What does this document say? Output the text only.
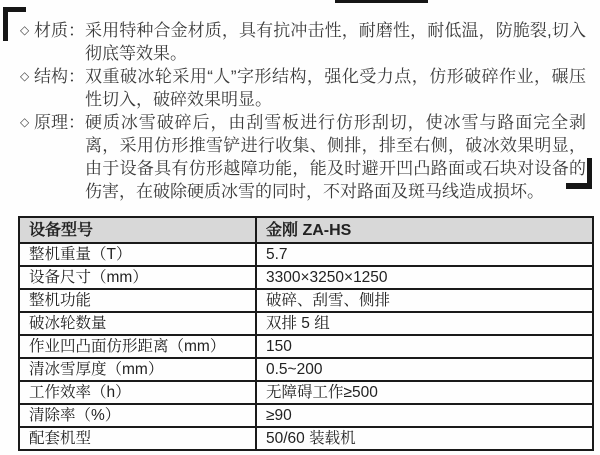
◇ 材质： 采用特种合金材质，具有抗冲击性，耐磨性，耐低温，防脆裂,切入彻底等效果。

◇ 结构： 双重破冰轮采用“人”字形结构，强化受力点，仿形破碎作业，碾压性切入，破碎效果明显。

◇ 原理： 硬质冰雪破碎后，由刮雪板进行仿形刮切，使冰雪与路面完全剥离，采用仿形推雪铲进行收集、侧排，排至右侧，破冰效果明显，由于设备具有仿形越障功能，能及时避开凹凸路面或石块对设备的伤害，在破除硬质冰雪的同时，不对路面及斑马线造成损坏。

设备型号	金刚 ZA-HS
整机重量（T）	5.7
设备尺寸（mm）	3300×3250×1250
整机功能	破碎、刮雪、侧排
破冰轮数量	双排 5 组
作业凹凸面仿形距离（mm）	150
清冰雪厚度（mm）	0.5~200
工作效率（h）	无障碍工作≥500
清除率（%）	≥90
配套机型	50/60 装载机
